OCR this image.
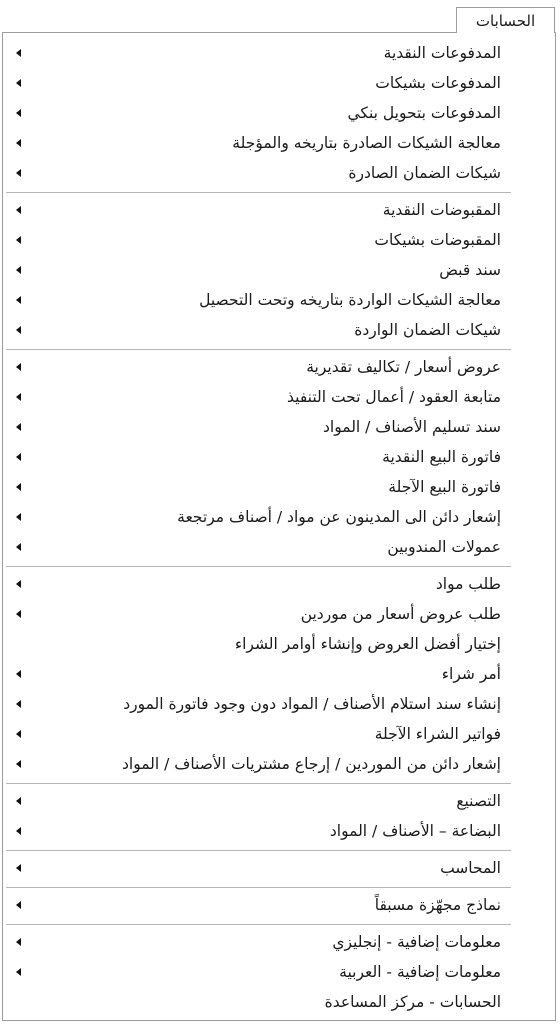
الحسابات
المدفوعات النقدية
المدفوعات بشيكات
المدفوعات بتحويل بنكي
معالجة الشيكات الصادرة بتاريخه والمؤجلة
شيكات الضمان الصادرة
المقبوضات النقدية
المقبوضات بشيكات
سند قبض
معالجة الشيكات الواردة بتاريخه وتحت التحصيل
شيكات الضمان الواردة
عروض أسعار / تكاليف تقديرية
متابعة العقود / أعمال تحت التنفيذ
سند تسليم الأصناف / المواد
فاتورة البيع النقدية
فاتورة البيع الآجلة
إشعار دائن الى المدينون عن مواد / أصناف مرتجعة
عمولات المندوبين
طلب مواد
طلب عروض أسعار من موردين
إختيار أفضل العروض وإنشاء أوامر الشراء
أمر شراء
إنشاء سند استلام الأصناف / المواد دون وجود فاتورة المورد
فواتير الشراء الآجلة
إشعار دائن من الموردين / إرجاع مشتريات الأصناف / المواد
التصنيع
البضاعة – الأصناف / المواد
المحاسب
نماذج مجهّزة مسبقاً
معلومات إضافية - إنجليزي
معلومات إضافية - العربية
الحسابات - مركز المساعدة
